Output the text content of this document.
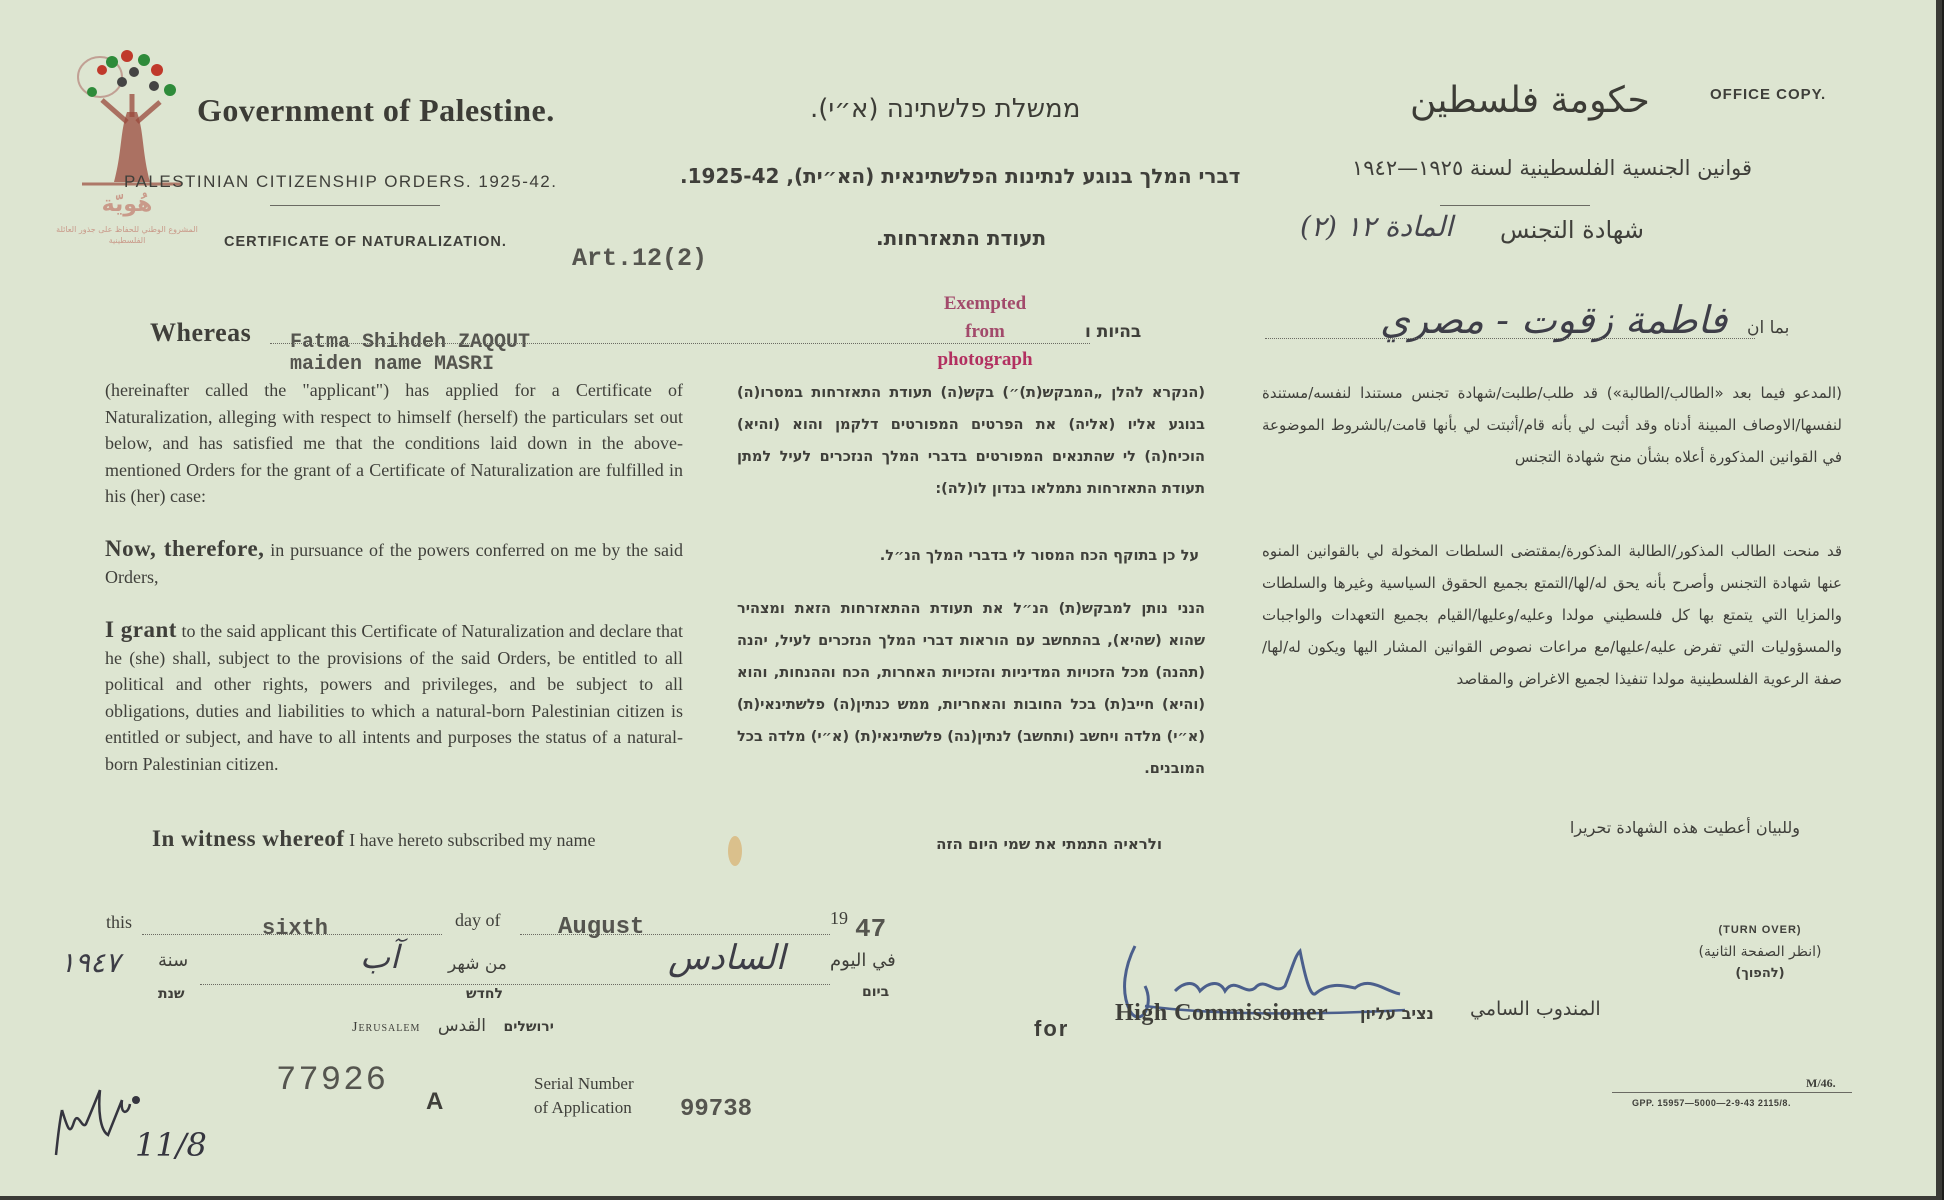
هُويّة
المشروع الوطني للحفاظ على جذور العائلة الفلسطينية
Government of Palestine.	ממשלת פלשתינה (א״י).	حكومة فلسطين	OFFICE COPY.
PALESTINIAN CITIZENSHIP ORDERS. 1925-42.	דברי המלך בנוגע לנתינות הפלשתינאית (הא״ית), 1925-42.	قوانين الجنسية الفلسطينية لسنة ١٩٢٥—١٩٤٢
CERTIFICATE OF NATURALIZATION.
Art.12(2)
תעודת התאזרחות.	شهادة التجنس
المادة ١٢ (٢)
Exempted
from
photograph
Whereas Fatma Shihdeh ZAQQUT
maiden name MASRI
בהיות ו	فاطمة زقوت - مصري بما ان
(hereinafter called the "applicant") has applied for a Certificate of Naturalization, alleging with respect to himself (herself) the particulars set out below, and has satisfied me that the conditions laid down in the above-mentioned Orders for the grant of a Certificate of Naturalization are fulfilled in his (her) case:
(הנקרא להלן „המבקש(ת)״) בקש(ה) תעודת התאזרחות במסרו(ה) בנוגע אליו (אליה) את הפרטים המפורטים דלקמן והוא (והיא) הוכיח(ה) לי שהתנאים המפורטים בדברי המלך הנזכרים לעיל למתן תעודת התאזרחות נתמלאו בנדון לו(לה):
(المدعو فيما بعد «الطالب/الطالبة») قد طلب/طلبت/شهادة تجنس مستندا لنفسه/مستندة لنفسها/الاوصاف المبينة أدناه وقد أثبت لي بأنه قام/أثبتت لي بأنها قامت/بالشروط الموضوعة في القوانين المذكورة أعلاه بشأن منح شهادة التجنس
Now, therefore, in pursuance of the powers conferred on me by the said Orders,
על כן בתוקף הכח המסור לי בדברי המלך הנ״ל.	قد منحت الطالب المذكور/الطالبة المذكورة/بمقتضى السلطات المخولة لي بالقوانين المنوه عنها شهادة التجنس وأصرح بأنه يحق له/لها/التمتع بجميع الحقوق السياسية وغيرها والسلطات والمزايا التي يتمتع بها كل فلسطيني مولدا وعليه/وعليها/القيام بجميع التعهدات والواجبات والمسؤوليات التي تفرض عليه/عليها/مع مراعات نصوص القوانين المشار اليها ويكون له/لها/ صفة الرعوية الفلسطينية مولدا تنفيذا لجميع الاغراض والمقاصد
I grant to the said applicant this Certificate of Naturalization and declare that he (she) shall, subject to the provisions of the said Orders, be entitled to all political and other rights, powers and privileges, and be subject to all obligations, duties and liabilities to which a natural-born Palestinian citizen is entitled or subject, and have to all intents and purposes the status of a natural-born Palestinian citizen.
הנני נותן למבקש(ת) הנ״ל את תעודת ההתאזרחות הזאת ומצהיר שהוא (שהיא), בהתחשב עם הוראות דברי המלך הנזכרים לעיל, יהנה (תהנה) מכל הזכויות המדיניות והזכויות האחרות, הכח וההנחות, והוא (והיא) חייב(ת) בכל החובות והאחריות, ממש כנתין(ה) פלשתינאי(ת) (א״י) מלדה ויחשב (ותחשב) לנתין(נה) פלשתינאי(ת) (א״י) מלדה בכל המובנים.
In witness whereof I have hereto subscribed my name	ולראיה התמתי את שמי היום הזה
وللبيان أعطيت هذه الشهادة تحريرا
this	sixth	day of August	19 47
١٩٤٧ سنة
שנת
آب	من شهر
לחדש
السادس في اليوم
ביום
Jerusalem	ירושלים القدس	for
High Commissioner נציב עליון المندوب السامي
(TURN OVER)
(انظر الصفحة الثانية)
(להפוך)
77926
A
Serial Number
of Application 99738
11/8
M/46.
GPP. 15957—5000—2-9-43 2115/8.
